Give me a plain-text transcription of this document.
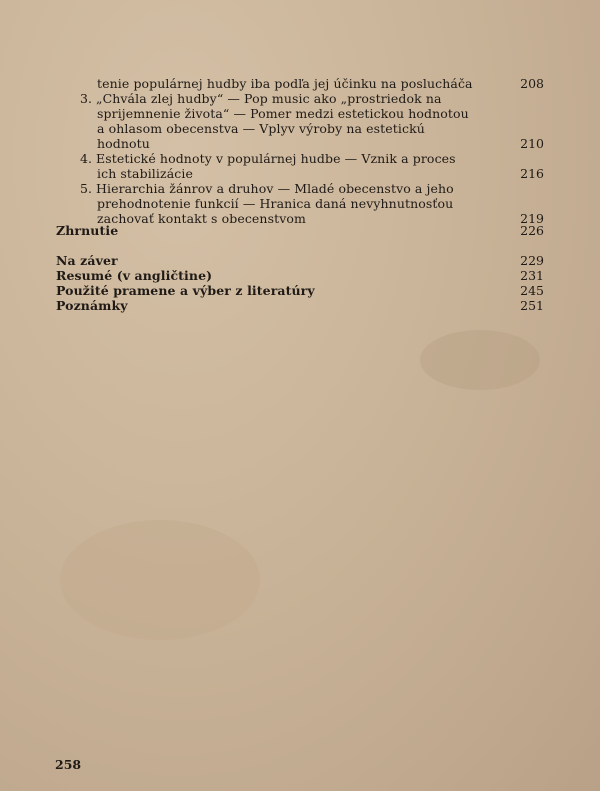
tenie populárnej hudby iba podľa jej účinku na poslucháča	208
3. „Chvála zlej hudby“ — Pop music ako „prostriedok na
sprijemnenie života“ — Pomer medzi estetickou hodnotou
a ohlasom obecenstva — Vplyv výroby na estetickú
hodnotu	210
4. Estetické hodnoty v populárnej hudbe — Vznik a proces
ich stabilizácie	216
5. Hierarchia žánrov a druhov — Mladé obecenstvo a jeho
prehodnotenie funkcií — Hranica daná nevyhnutnosťou
zachovať kontakt s obecenstvom	219
Zhrnutie	226
Na záver	229
Resumé (v angličtine)	231
Použité pramene a výber z literatúry	245
Poznámky	251
258
